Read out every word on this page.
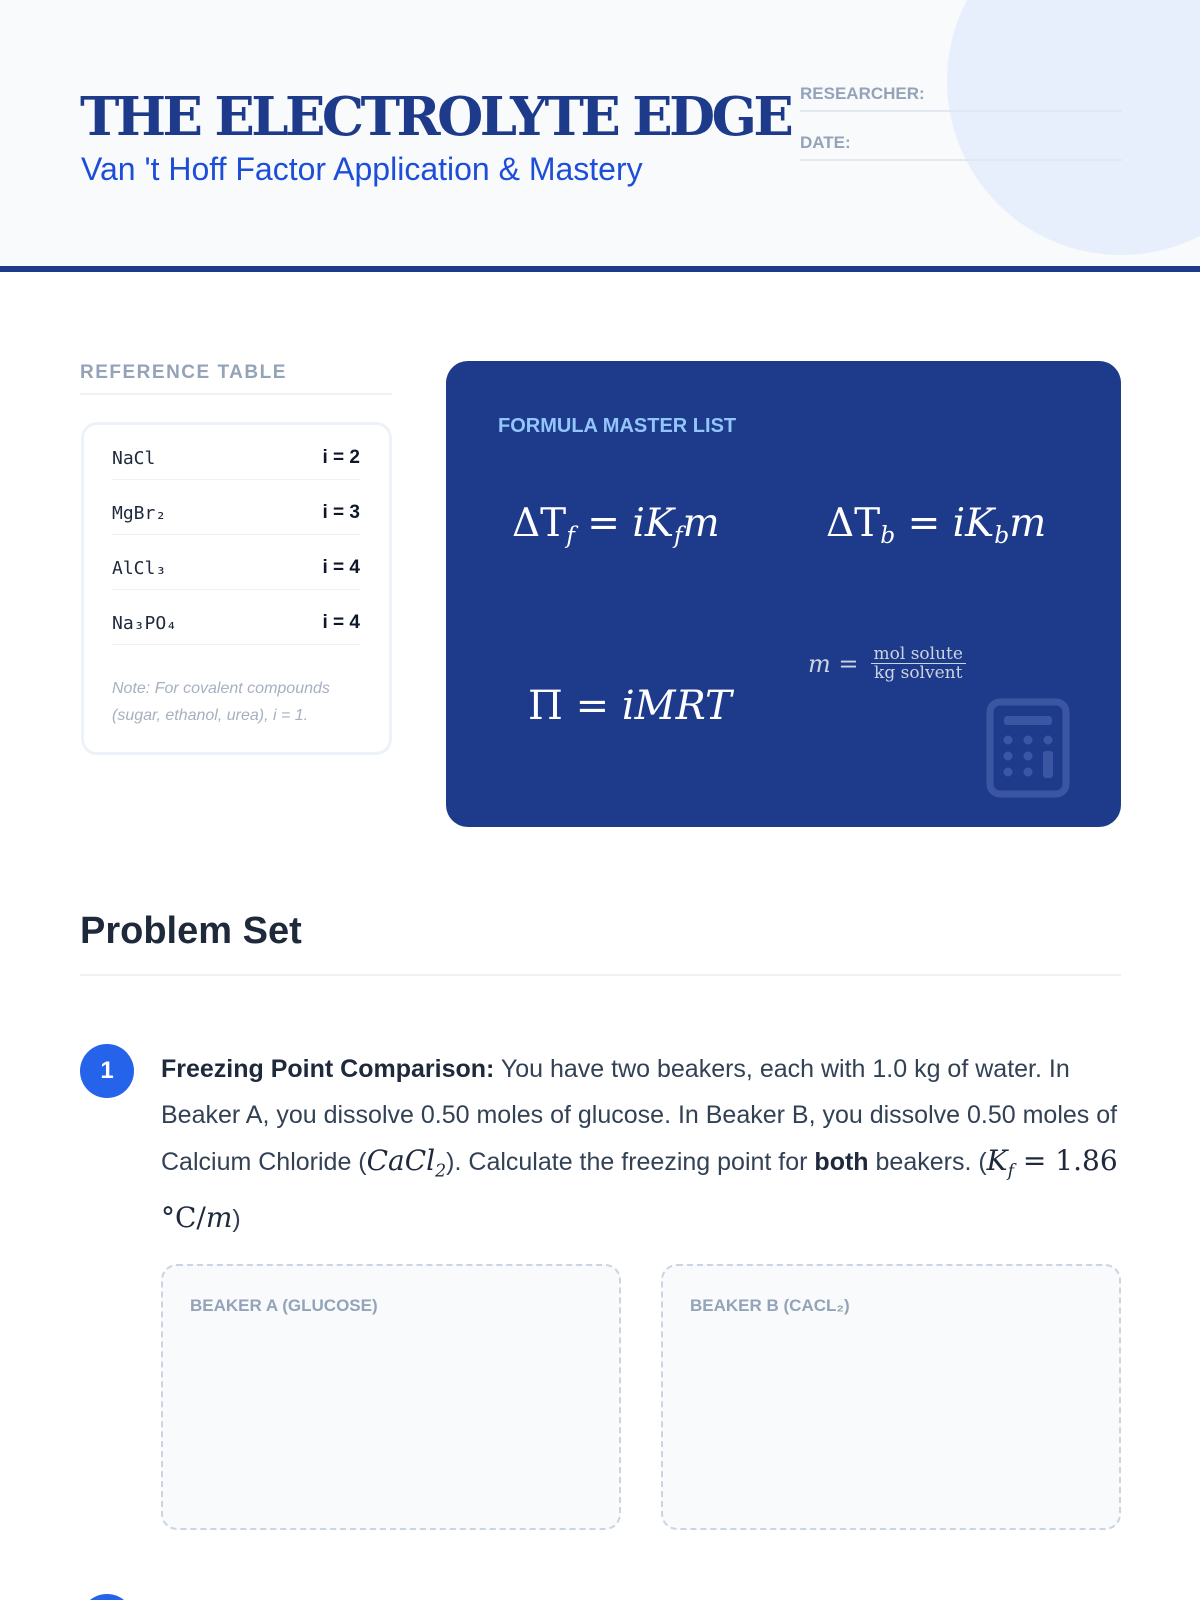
THE ELECTROLYTE EDGE
Van 't Hoff Factor Application & Mastery
RESEARCHER:
DATE:
REFERENCE TABLE
NaCl	i = 2
MgBr₂	i = 3
AlCl₃	i = 4
Na₃PO₄	i = 4
Note: For covalent compounds (sugar, ethanol, urea), i = 1.
FORMULA MASTER LIST
$\Delta T_f = iK_fm$	$\Delta T_b = iK_bm$
Π = iMRT
$m = \frac{\text{mol solute}}{\text{kg solvent}}$
Problem Set
1	Freezing Point Comparison: You have two beakers, each with 1.0 kg of water. In Beaker A, you dissolve 0.50 moles of glucose. In Beaker B, you dissolve 0.50 moles of Calcium Chloride (CaCl$_2$). Calculate the freezing point for both beakers. ($K_f = 1.86$ °C/m)
BEAKER A (GLUCOSE)	BEAKER B (CACL₂)
